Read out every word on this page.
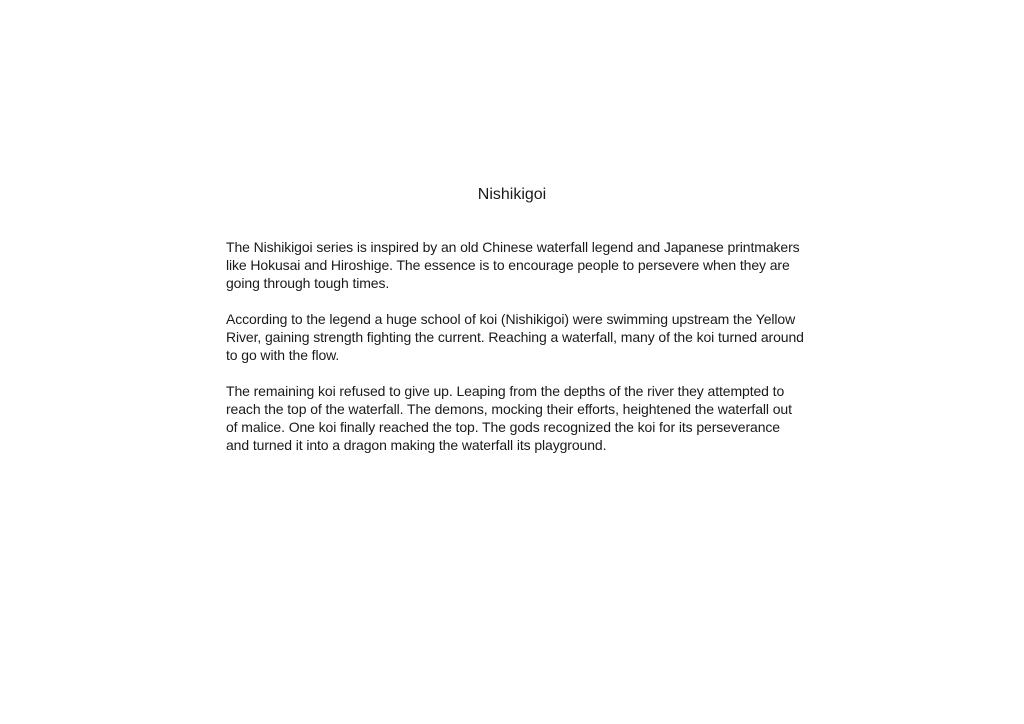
Nishikigoi

The Nishikigoi series is inspired by an old Chinese waterfall legend and Japanese printmakers like Hokusai and Hiroshige. The essence is to encourage people to persevere when they are going through tough times.

According to the legend a huge school of koi (Nishikigoi) were swimming upstream the Yellow River, gaining strength fighting the current. Reaching a waterfall, many of the koi turned around to go with the flow.

The remaining koi refused to give up. Leaping from the depths of the river they attempted to reach the top of the waterfall. The demons, mocking their efforts, heightened the waterfall out of malice. One koi finally reached the top. The gods recognized the koi for its perseverance and turned it into a dragon making the waterfall its playground.
